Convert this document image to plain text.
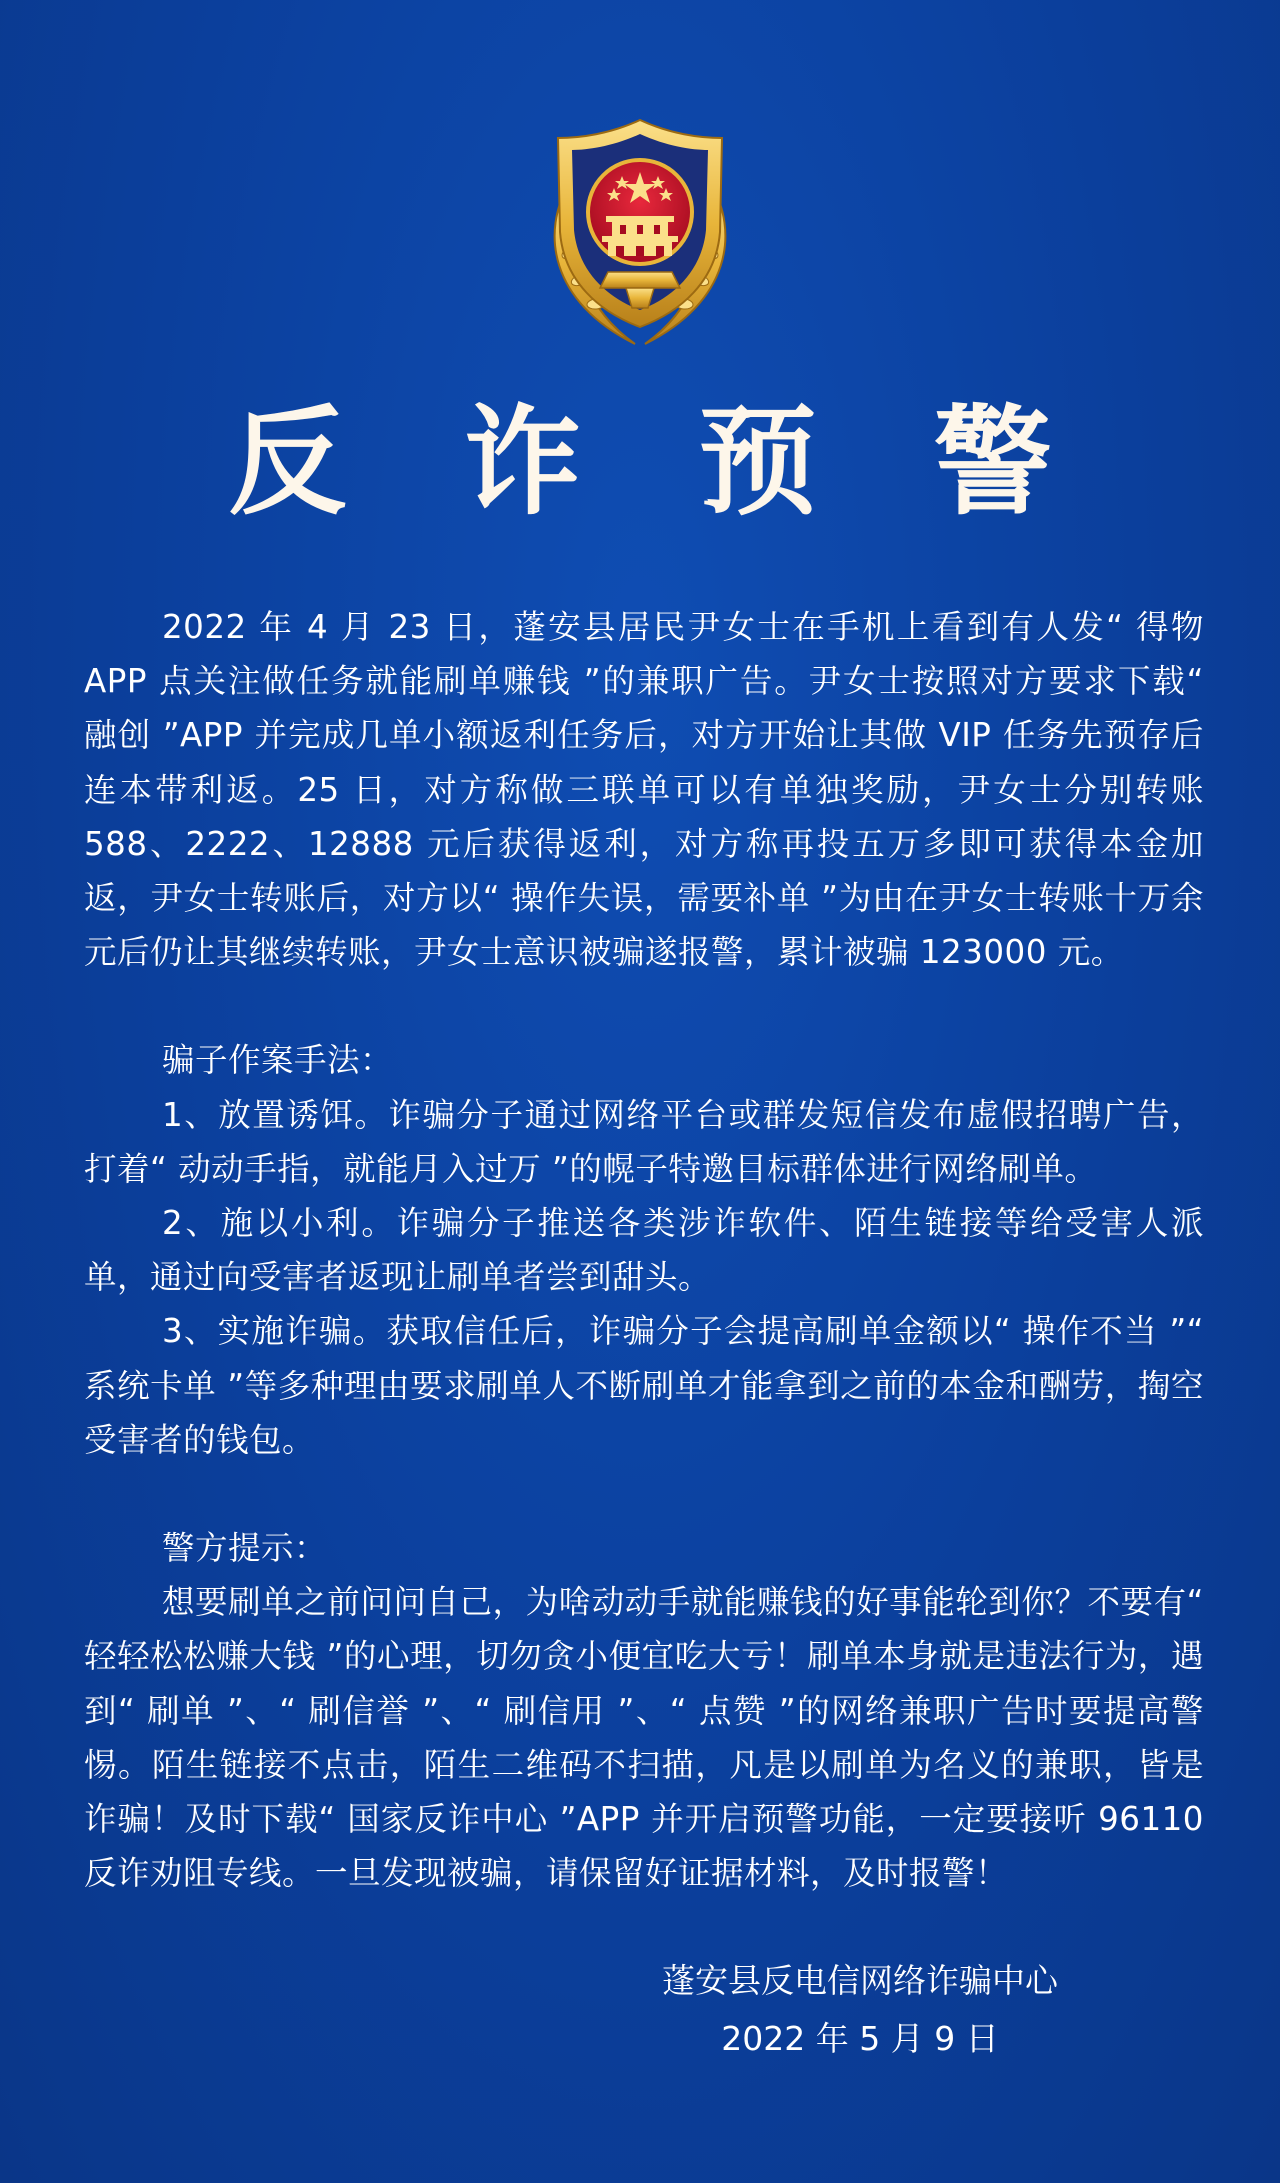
反 诈 预 警

2022 年 4 月 23 日，蓬安县居民尹女士在手机上看到有人发“ 得物 APP 点关注做任务就能刷单赚钱 ”的兼职广告。尹女士按照对方要求下载“ 融创 ”APP 并完成几单小额返利任务后，对方开始让其做 VIP 任务先预存后连本带利返。25 日，对方称做三联单可以有单独奖励，尹女士分别转账 588、2222、12888 元后获得返利，对方称再投五万多即可获得本金加返，尹女士转账后，对方以“ 操作失误，需要补单 ”为由在尹女士转账十万余元后仍让其继续转账，尹女士意识被骗遂报警，累计被骗 123000 元。

骗子作案手法：

1、放置诱饵。诈骗分子通过网络平台或群发短信发布虚假招聘广告，打着“ 动动手指，就能月入过万 ”的幌子特邀目标群体进行网络刷单。

2、施以小利。诈骗分子推送各类涉诈软件、陌生链接等给受害人派单，通过向受害者返现让刷单者尝到甜头。

3、实施诈骗。获取信任后，诈骗分子会提高刷单金额以“ 操作不当 ”“ 系统卡单 ”等多种理由要求刷单人不断刷单才能拿到之前的本金和酬劳，掏空受害者的钱包。

警方提示：

想要刷单之前问问自己，为啥动动手就能赚钱的好事能轮到你？不要有“ 轻轻松松赚大钱 ”的心理，切勿贪小便宜吃大亏！刷单本身就是违法行为，遇到“ 刷单 ”、“ 刷信誉 ”、“ 刷信用 ”、“ 点赞 ”的网络兼职广告时要提高警惕。陌生链接不点击，陌生二维码不扫描，凡是以刷单为名义的兼职，皆是诈骗！及时下载“ 国家反诈中心 ”APP 并开启预警功能，一定要接听 96110 反诈劝阻专线。一旦发现被骗，请保留好证据材料，及时报警！

蓬安县反电信网络诈骗中心
2022 年 5 月 9 日
